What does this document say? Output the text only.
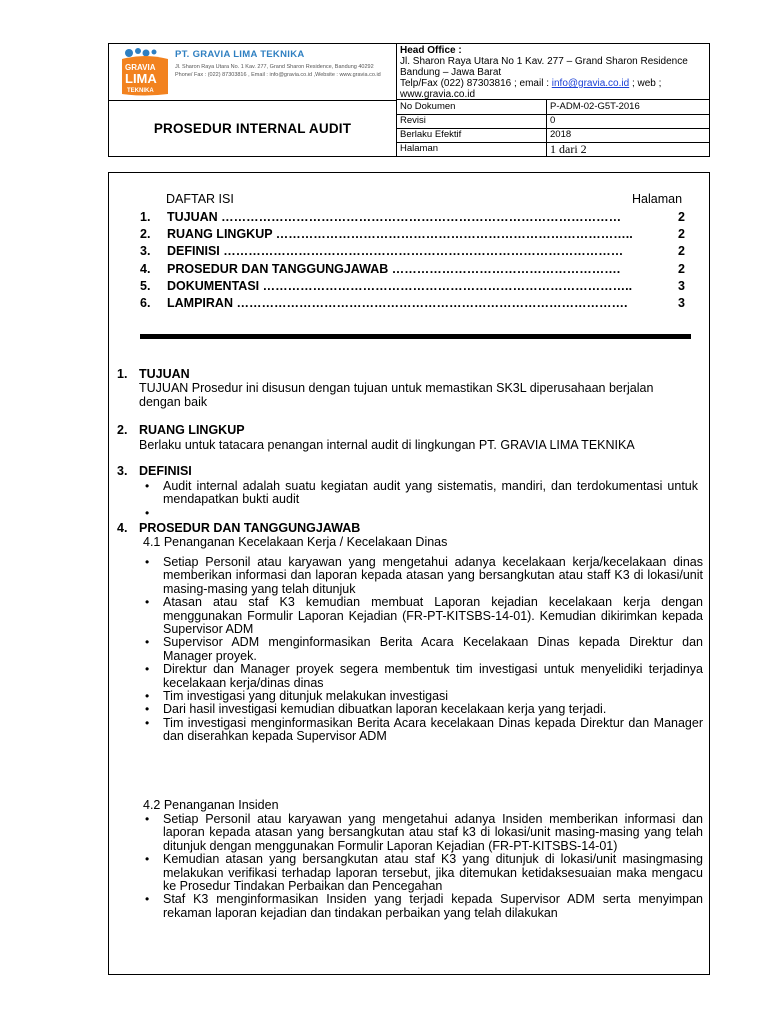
GRAVIA
LIMA
TEKNIKA
PT. GRAVIA LIMA TEKNIKA
Jl. Sharon Raya Utara No. 1 Kav. 277, Grand Sharon Residence, Bandung 40292
Phone/ Fax : (022) 87303816 , Email : info@gravia.co.id ,Website : www.gravia.co.id
PROSEDUR INTERNAL AUDIT
Head Office :
Jl. Sharon Raya Utara No 1 Kav. 277 – Grand Sharon Residence
Bandung – Jawa Barat
Telp/Fax (022) 87303816 ; email : info@gravia.co.id ; web ;
www.gravia.co.id
No Dokumen	P-ADM-02-G5T-2016
Revisi	0
Berlaku Efektif	2018
Halaman	1 dari 2
DAFTAR ISI	Halaman
1. TUJUAN ……………………………………………………………………………………	2
2. RUANG LINGKUP …………………………………………………………………………..	2
3. DEFINISI ……………………………………………………………………………………	2
4. PROSEDUR DAN TANGGUNGJAWAB ……………………………………………….	2
5. DOKUMENTASI ……………………………………………………………………………..	3
6. LAMPIRAN ………………………………………………………………………………….	3
1. TUJUAN
TUJUAN Prosedur ini disusun dengan tujuan untuk memastikan SK3L diperusahaan berjalan
dengan baik
2. RUANG LINGKUP
Berlaku untuk tatacara penangan internal audit di lingkungan PT. GRAVIA LIMA TEKNIKA
3. DEFINISI
• Audit internal adalah suatu kegiatan audit yang sistematis, mandiri, dan terdokumentasi untuk mendapatkan bukti audit
•
4. PROSEDUR DAN TANGGUNGJAWAB
4.1 Penanganan Kecelakaan Kerja / Kecelakaan Dinas
• Setiap Personil atau karyawan yang mengetahui adanya kecelakaan kerja/kecelakaan dinas memberikan informasi dan laporan kepada atasan yang bersangkutan atau staff K3 di lokasi/unit masing-masing yang telah ditunjuk
• Atasan atau staf K3 kemudian membuat Laporan kejadian kecelakaan kerja dengan menggunakan Formulir Laporan Kejadian (FR-PT-KITSBS-14-01). Kemudian dikirimkan kepada Supervisor ADM
• Supervisor ADM menginformasikan Berita Acara Kecelakaan Dinas kepada Direktur dan Manager proyek.
• Direktur dan Manager proyek segera membentuk tim investigasi untuk menyelidiki terjadinya kecelakaan kerja/dinas dinas
• Tim investigasi yang ditunjuk melakukan investigasi
• Dari hasil investigasi kemudian dibuatkan laporan kecelakaan kerja yang terjadi.
• Tim investigasi menginformasikan Berita Acara kecelakaan Dinas kepada Direktur dan Manager dan diserahkan kepada Supervisor ADM
4.2 Penanganan Insiden
• Setiap Personil atau karyawan yang mengetahui adanya Insiden memberikan informasi dan laporan kepada atasan yang bersangkutan atau staf k3 di lokasi/unit masing-masing yang telah ditunjuk dengan menggunakan Formulir Laporan Kejadian (FR-PT-KITSBS-14-01)
• Kemudian atasan yang bersangkutan atau staf K3 yang ditunjuk di lokasi/unit masingmasing melakukan verifikasi terhadap laporan tersebut, jika ditemukan ketidaksesuaian maka mengacu ke Prosedur Tindakan Perbaikan dan Pencegahan
• Staf K3 menginformasikan Insiden yang terjadi kepada Supervisor ADM serta menyimpan rekaman laporan kejadian dan tindakan perbaikan yang telah dilakukan
